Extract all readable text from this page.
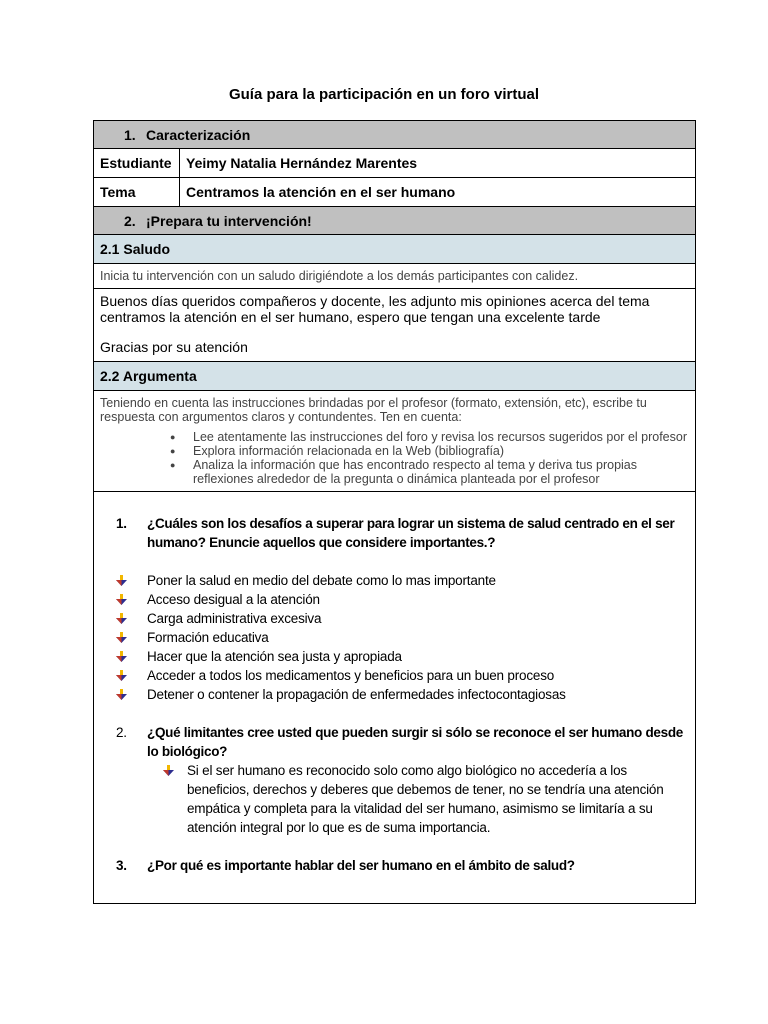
Guía para la participación en un foro virtual
1. Caracterización
Estudiante	Yeimy Natalia Hernández Marentes
Tema	Centramos la atención en el ser humano
2. ¡Prepara tu intervención!
2.1 Saludo
Inicia tu intervención con un saludo dirigiéndote a los demás participantes con calidez.

Buenos días queridos compañeros y docente, les adjunto mis opiniones acerca del tema centramos la atención en el ser humano, espero que tengan una excelente tarde

Gracias por su atención

2.2 Argumenta
Teniendo en cuenta las instrucciones brindadas por el profesor (formato, extensión, etc), escribe tu respuesta con argumentos claros y contundentes. Ten en cuenta:
● Lee atentamente las instrucciones del foro y revisa los recursos sugeridos por el profesor
● Explora información relacionada en la Web (bibliografía)
● Analiza la información que has encontrado respecto al tema y deriva tus propias reflexiones alrededor de la pregunta o dinámica planteada por el profesor
1.	¿Cuáles son los desafíos a superar para lograr un sistema de salud centrado en el ser humano? Enuncie aquellos que considere importantes.?
Poner la salud en medio del debate como lo mas importante
Acceso desigual a la atención
Carga administrativa excesiva
Formación educativa
Hacer que la atención sea justa y apropiada
Acceder a todos los medicamentos y beneficios para un buen proceso
Detener o contener la propagación de enfermedades infectocontagiosas
2.	¿Qué limitantes cree usted que pueden surgir si sólo se reconoce el ser humano desde lo biológico?
Si el ser humano es reconocido solo como algo biológico no accedería a los beneficios, derechos y deberes que debemos de tener, no se tendría una atención empática y completa para la vitalidad del ser humano, asimismo se limitaría a su atención integral por lo que es de suma importancia.
3.	¿Por qué es importante hablar del ser humano en el ámbito de salud?
